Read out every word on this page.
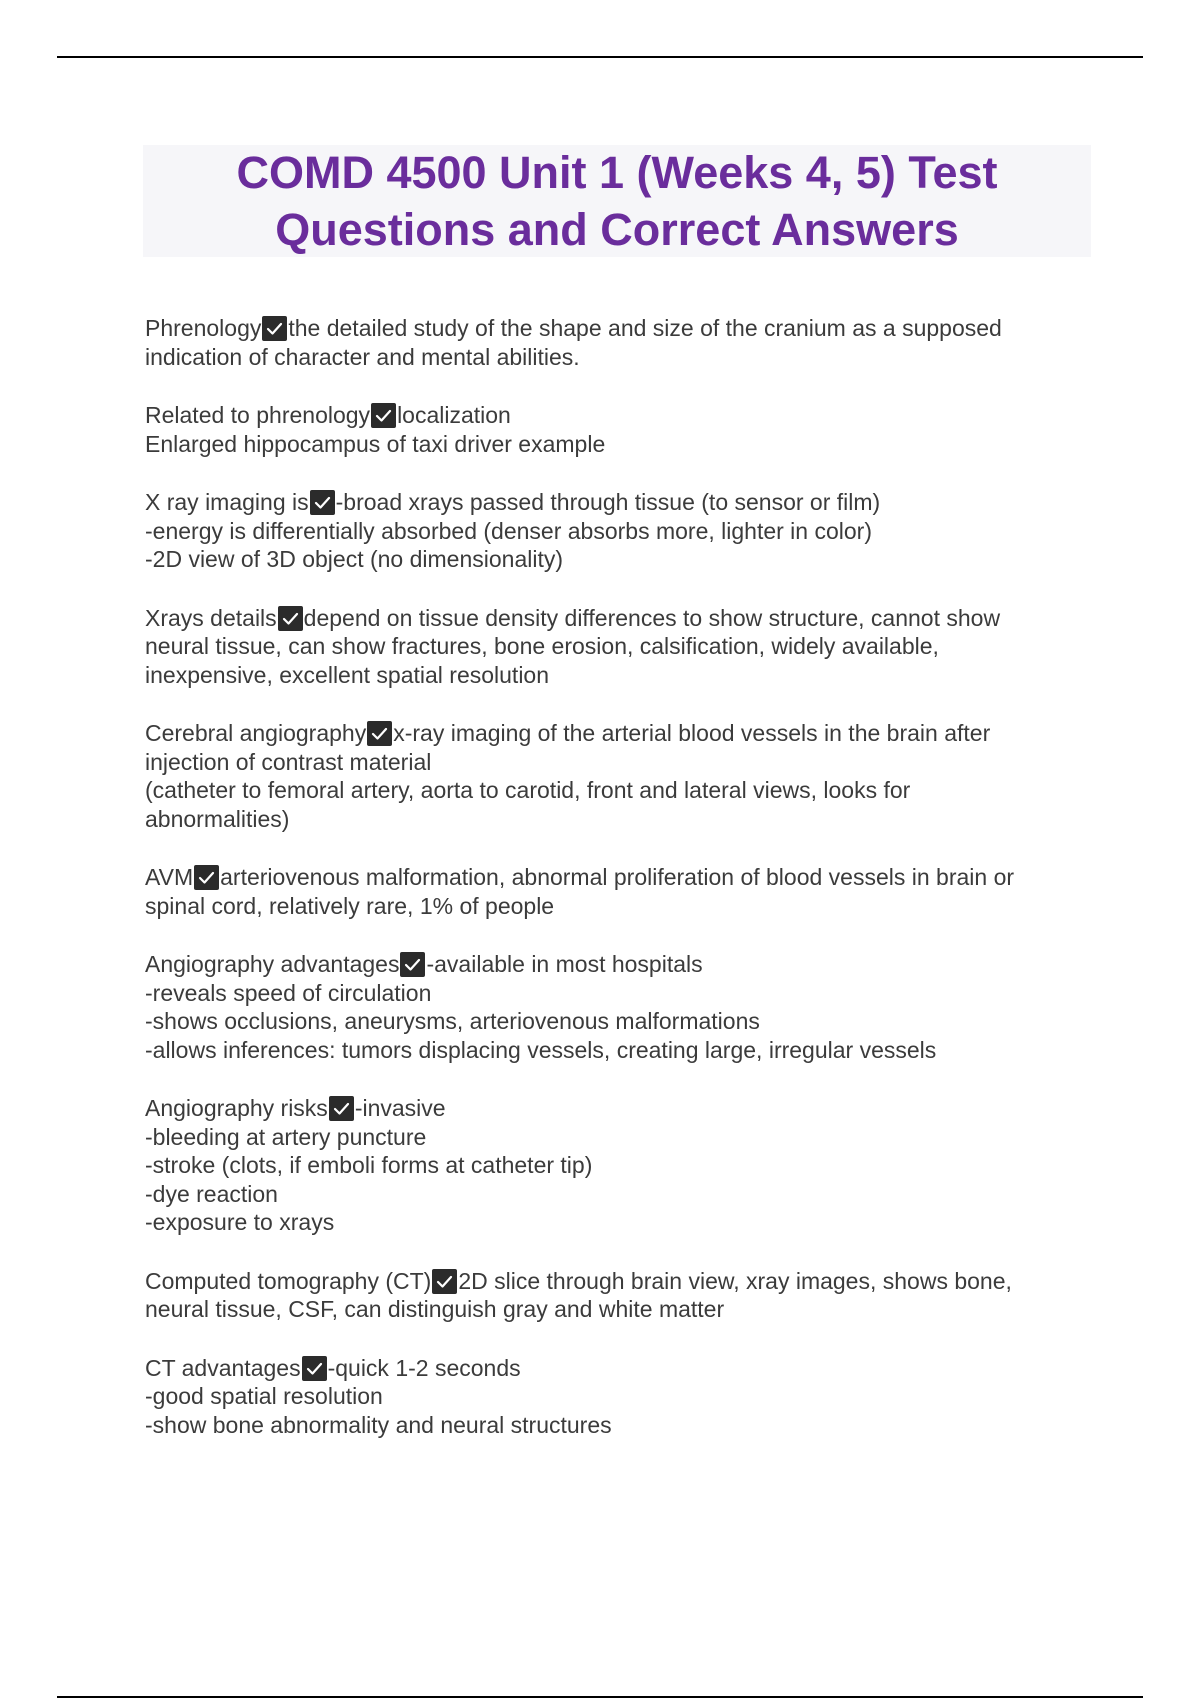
COMD 4500 Unit 1 (Weeks 4, 5) Test Questions and Correct Answers
Phrenology the detailed study of the shape and size of the cranium as a supposed
indication of character and mental abilities.
Related to phrenology localization
Enlarged hippocampus of taxi driver example
X ray imaging is -broad xrays passed through tissue (to sensor or film)
-energy is differentially absorbed (denser absorbs more, lighter in color)
-2D view of 3D object (no dimensionality)
Xrays details depend on tissue density differences to show structure, cannot show
neural tissue, can show fractures, bone erosion, calsification, widely available,
inexpensive, excellent spatial resolution
Cerebral angiography x-ray imaging of the arterial blood vessels in the brain after
injection of contrast material
(catheter to femoral artery, aorta to carotid, front and lateral views, looks for
abnormalities)
AVM arteriovenous malformation, abnormal proliferation of blood vessels in brain or
spinal cord, relatively rare, 1% of people
Angiography advantages -available in most hospitals
-reveals speed of circulation
-shows occlusions, aneurysms, arteriovenous malformations
-allows inferences: tumors displacing vessels, creating large, irregular vessels
Angiography risks -invasive
-bleeding at artery puncture
-stroke (clots, if emboli forms at catheter tip)
-dye reaction
-exposure to xrays
Computed tomography (CT) 2D slice through brain view, xray images, shows bone,
neural tissue, CSF, can distinguish gray and white matter
CT advantages -quick 1-2 seconds
-good spatial resolution
-show bone abnormality and neural structures
